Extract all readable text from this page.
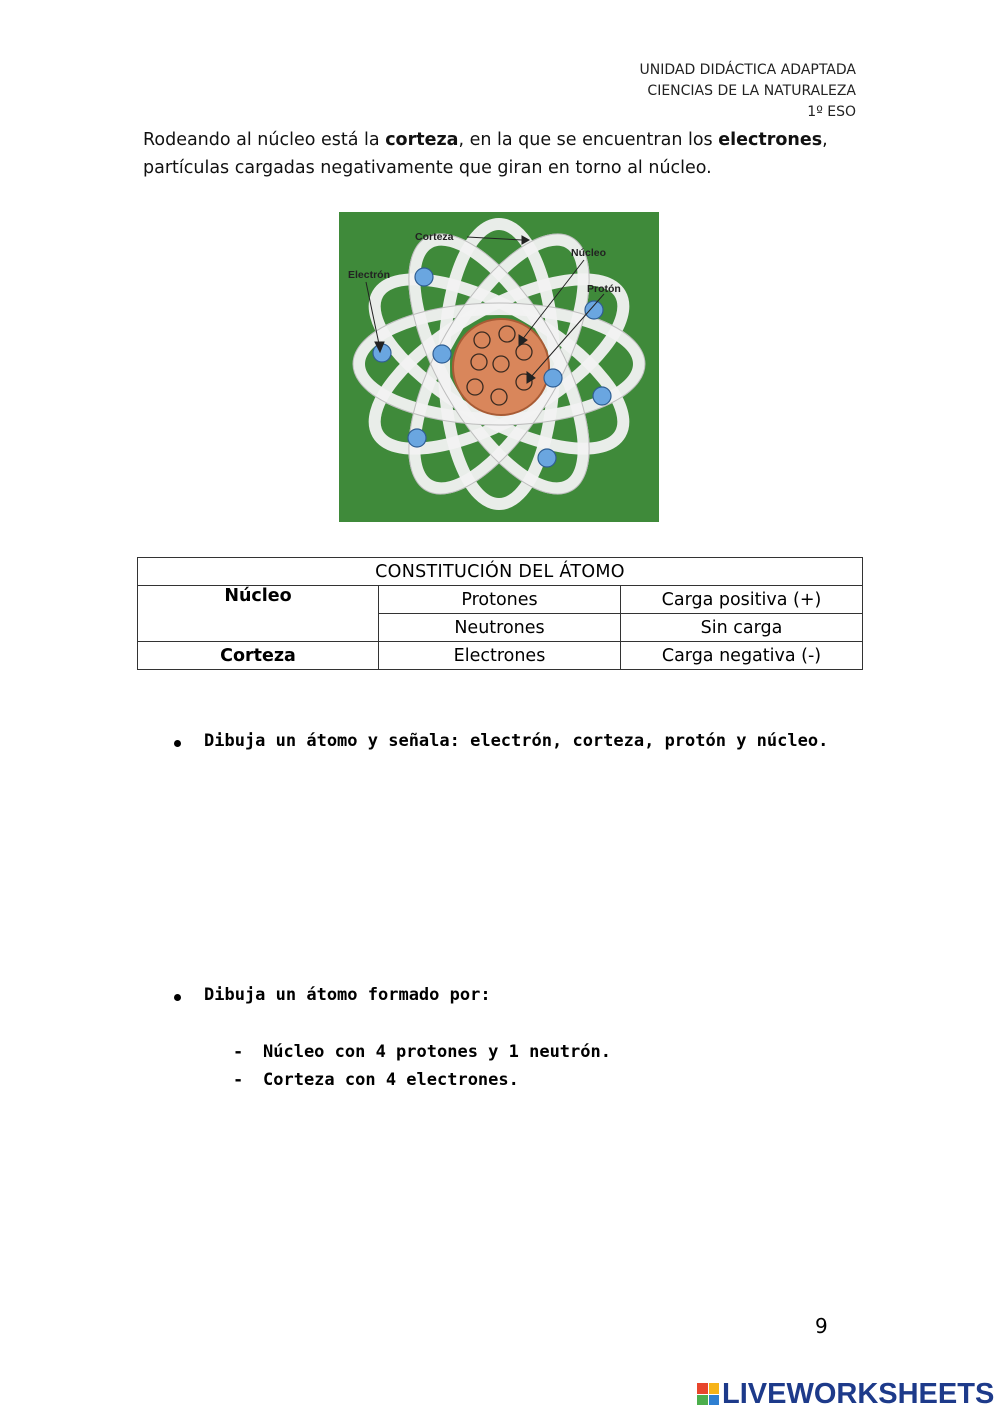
UNIDAD DIDÁCTICA ADAPTADA
CIENCIAS DE LA NATURALEZA
1º ESO
Rodeando al núcleo está la corteza, en la que se encuentran los electrones, partículas cargadas negativamente que giran en torno al núcleo.
Corteza
Núcleo
Electrón
Protón
CONSTITUCIÓN DEL ÁTOMO		
Núcleo	Protones	Carga positiva (+)
	Neutrones	Sin carga
Corteza	Electrones	Carga negativa (-)
Dibuja un átomo y señala: electrón, corteza, protón y núcleo.
Dibuja un átomo formado por:
- Núcleo con 4 protones y 1 neutrón.
- Corteza con 4 electrones.
9
LIVEWORKSHEETS
